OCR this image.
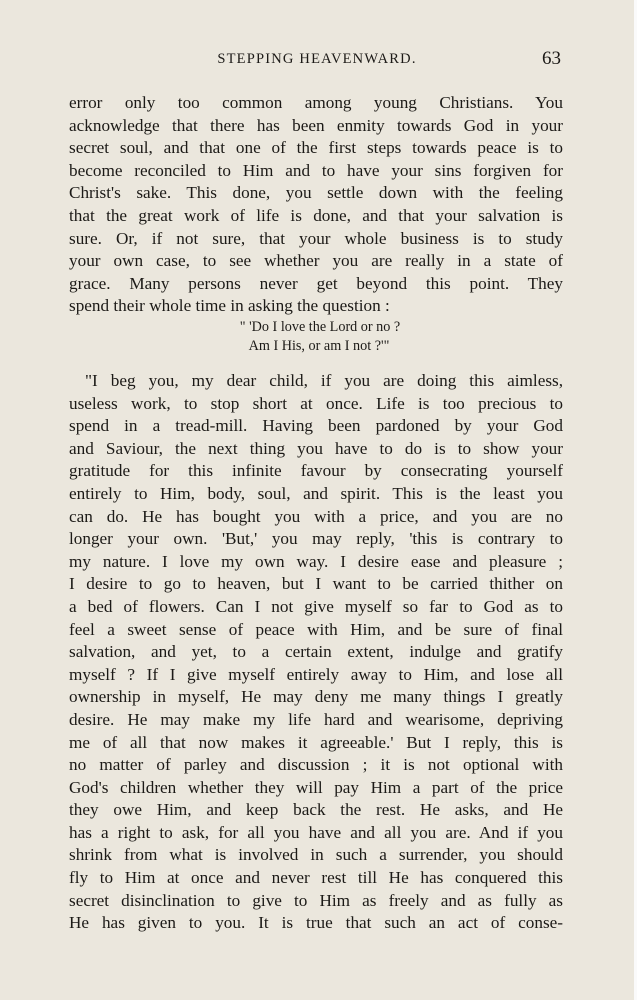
STEPPING HEAVENWARD.	63
error only too common among young Christians. You
acknowledge that there has been enmity towards God in your
secret soul, and that one of the first steps towards peace is to
become reconciled to Him and to have your sins forgiven for
Christ's sake. This done, you settle down with the feeling
that the great work of life is done, and that your salvation is
sure. Or, if not sure, that your whole business is to study
your own case, to see whether you are really in a state of
grace. Many persons never get beyond this point. They
spend their whole time in asking the question :
" 'Do I love the Lord or no ?
Am I His, or am I not ?'"
"I beg you, my dear child, if you are doing this aimless,
useless work, to stop short at once. Life is too precious to
spend in a tread-mill. Having been pardoned by your God
and Saviour, the next thing you have to do is to show your
gratitude for this infinite favour by consecrating yourself
entirely to Him, body, soul, and spirit. This is the least you
can do. He has bought you with a price, and you are no
longer your own. 'But,' you may reply, 'this is contrary to
my nature. I love my own way. I desire ease and pleasure ;
I desire to go to heaven, but I want to be carried thither on
a bed of flowers. Can I not give myself so far to God as to
feel a sweet sense of peace with Him, and be sure of final
salvation, and yet, to a certain extent, indulge and gratify
myself ? If I give myself entirely away to Him, and lose all
ownership in myself, He may deny me many things I greatly
desire. He may make my life hard and wearisome, depriving
me of all that now makes it agreeable.' But I reply, this is
no matter of parley and discussion ; it is not optional with
God's children whether they will pay Him a part of the price
they owe Him, and keep back the rest. He asks, and He
has a right to ask, for all you have and all you are. And if you
shrink from what is involved in such a surrender, you should
fly to Him at once and never rest till He has conquered this
secret disinclination to give to Him as freely and as fully as
He has given to you. It is true that such an act of conse-
